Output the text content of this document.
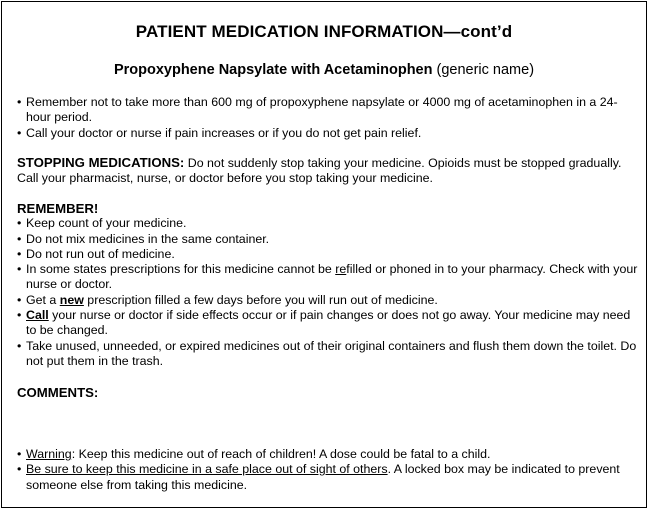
PATIENT MEDICATION INFORMATION—cont’d
Propoxyphene Napsylate with Acetaminophen (generic name)
• Remember not to take more than 600 mg of propoxyphene napsylate or 4000 mg of acetaminophen in a 24-hour period.
• Call your doctor or nurse if pain increases or if you do not get pain relief.
STOPPING MEDICATIONS: Do not suddenly stop taking your medicine. Opioids must be stopped gradually. Call your pharmacist, nurse, or doctor before you stop taking your medicine.
REMEMBER!
• Keep count of your medicine.
• Do not mix medicines in the same container.
• Do not run out of medicine.
• In some states prescriptions for this medicine cannot be refilled or phoned in to your pharmacy. Check with your nurse or doctor.
• Get a new prescription filled a few days before you will run out of medicine.
• Call your nurse or doctor if side effects occur or if pain changes or does not go away. Your medicine may need to be changed.
• Take unused, unneeded, or expired medicines out of their original containers and flush them down the toilet. Do not put them in the trash.
COMMENTS:
• Warning: Keep this medicine out of reach of children! A dose could be fatal to a child.
• Be sure to keep this medicine in a safe place out of sight of others. A locked box may be indicated to prevent someone else from taking this medicine.
